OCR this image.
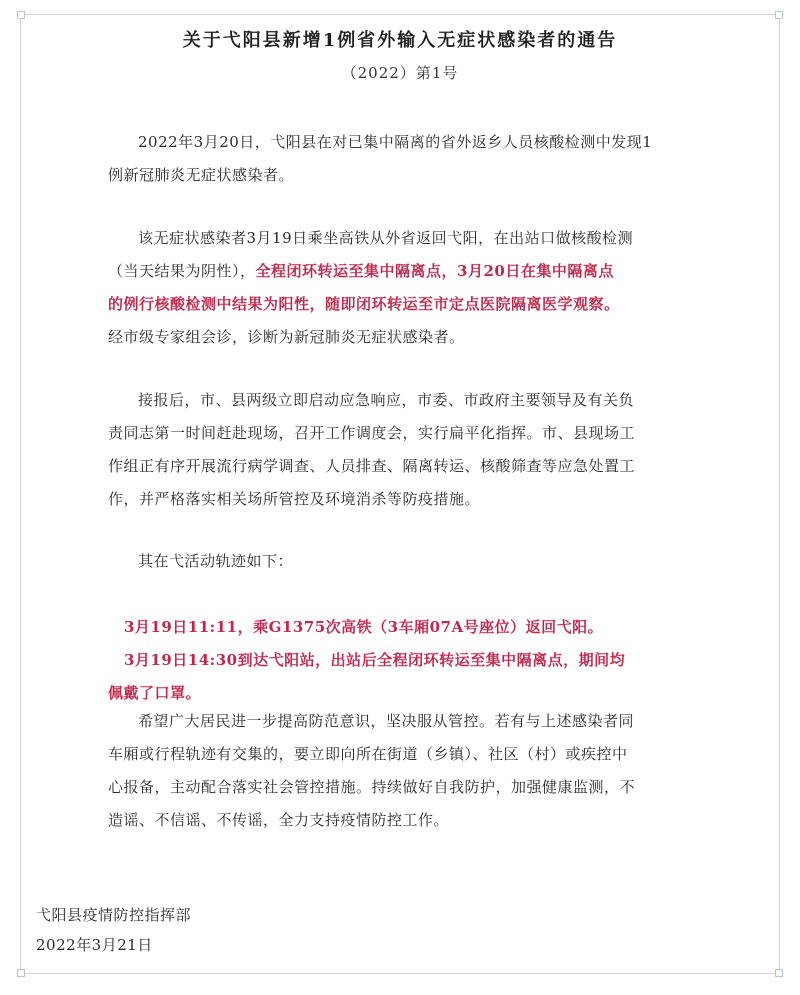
关于弋阳县新增1例省外输入无症状感染者的通告
（2022）第1号
2022年3月20日，弋阳县在对已集中隔离的省外返乡人员核酸检测中发现1
例新冠肺炎无症状感染者。
该无症状感染者3月19日乘坐高铁从外省返回弋阳，在出站口做核酸检测
（当天结果为阴性），全程闭环转运至集中隔离点，3月20日在集中隔离点
的例行核酸检测中结果为阳性，随即闭环转运至市定点医院隔离医学观察。
经市级专家组会诊，诊断为新冠肺炎无症状感染者。
接报后，市、县两级立即启动应急响应，市委、市政府主要领导及有关负
责同志第一时间赶赴现场，召开工作调度会，实行扁平化指挥。市、县现场工
作组正有序开展流行病学调查、人员排查、隔离转运、核酸筛查等应急处置工
作，并严格落实相关场所管控及环境消杀等防疫措施。
其在弋活动轨迹如下：
3月19日11:11，乘G1375次高铁（3车厢07A号座位）返回弋阳。
3月19日14:30到达弋阳站，出站后全程闭环转运至集中隔离点，期间均
佩戴了口罩。
希望广大居民进一步提高防范意识，坚决服从管控。若有与上述感染者同
车厢或行程轨迹有交集的，要立即向所在街道（乡镇）、社区（村）或疾控中
心报备，主动配合落实社会管控措施。持续做好自我防护，加强健康监测，不
造谣、不信谣、不传谣，全力支持疫情防控工作。
弋阳县疫情防控指挥部
2022年3月21日
